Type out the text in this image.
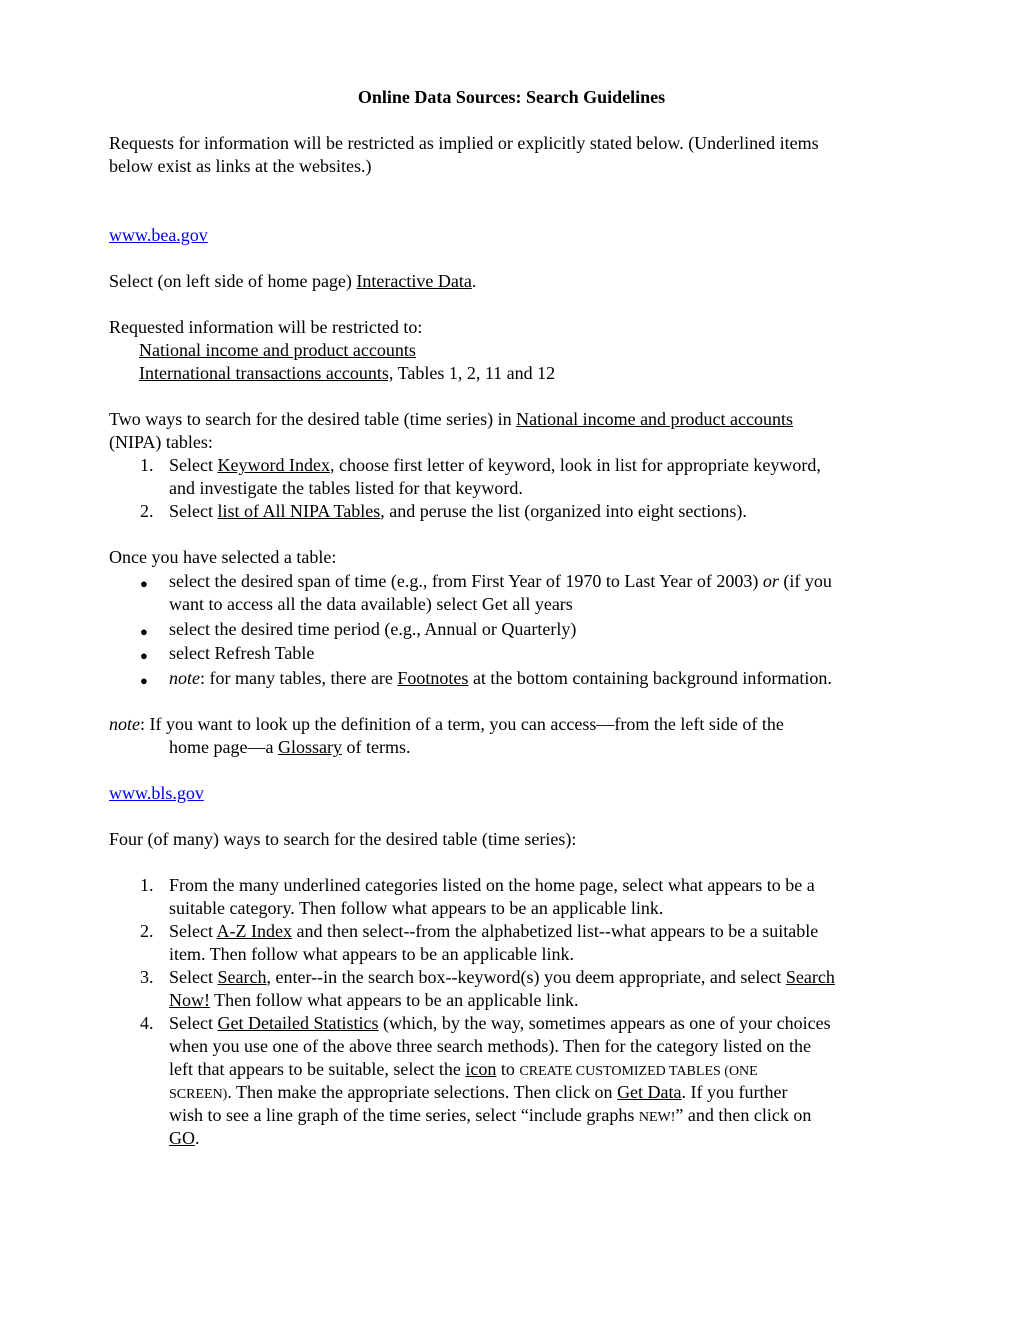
Online Data Sources: Search Guidelines
Requests for information will be restricted as implied or explicitly stated below. (Underlined items
below exist as links at the websites.)
www.bea.gov
Select (on left side of home page) Interactive Data.
Requested information will be restricted to:
National income and product accounts
International transactions accounts, Tables 1, 2, 11 and 12
Two ways to search for the desired table (time series) in National income and product accounts
(NIPA) tables:
1. Select Keyword Index, choose first letter of keyword, look in list for appropriate keyword,
and investigate the tables listed for that keyword.
2. Select list of All NIPA Tables, and peruse the list (organized into eight sections).
Once you have selected a table:
● select the desired span of time (e.g., from First Year of 1970 to Last Year of 2003) or (if you
want to access all the data available) select Get all years
● select the desired time period (e.g., Annual or Quarterly)
● select Refresh Table
● note: for many tables, there are Footnotes at the bottom containing background information.
note: If you want to look up the definition of a term, you can access—from the left side of the
home page—a Glossary of terms.
www.bls.gov
Four (of many) ways to search for the desired table (time series):
1. From the many underlined categories listed on the home page, select what appears to be a
suitable category. Then follow what appears to be an applicable link.
2. Select A-Z Index and then select--from the alphabetized list--what appears to be a suitable
item. Then follow what appears to be an applicable link.
3. Select Search, enter--in the search box--keyword(s) you deem appropriate, and select Search
Now! Then follow what appears to be an applicable link.
4. Select Get Detailed Statistics (which, by the way, sometimes appears as one of your choices
when you use one of the above three search methods). Then for the category listed on the
left that appears to be suitable, select the icon to CREATE CUSTOMIZED TABLES (ONE
SCREEN). Then make the appropriate selections. Then click on Get Data. If you further
wish to see a line graph of the time series, select “include graphs NEW!” and then click on
GO.
